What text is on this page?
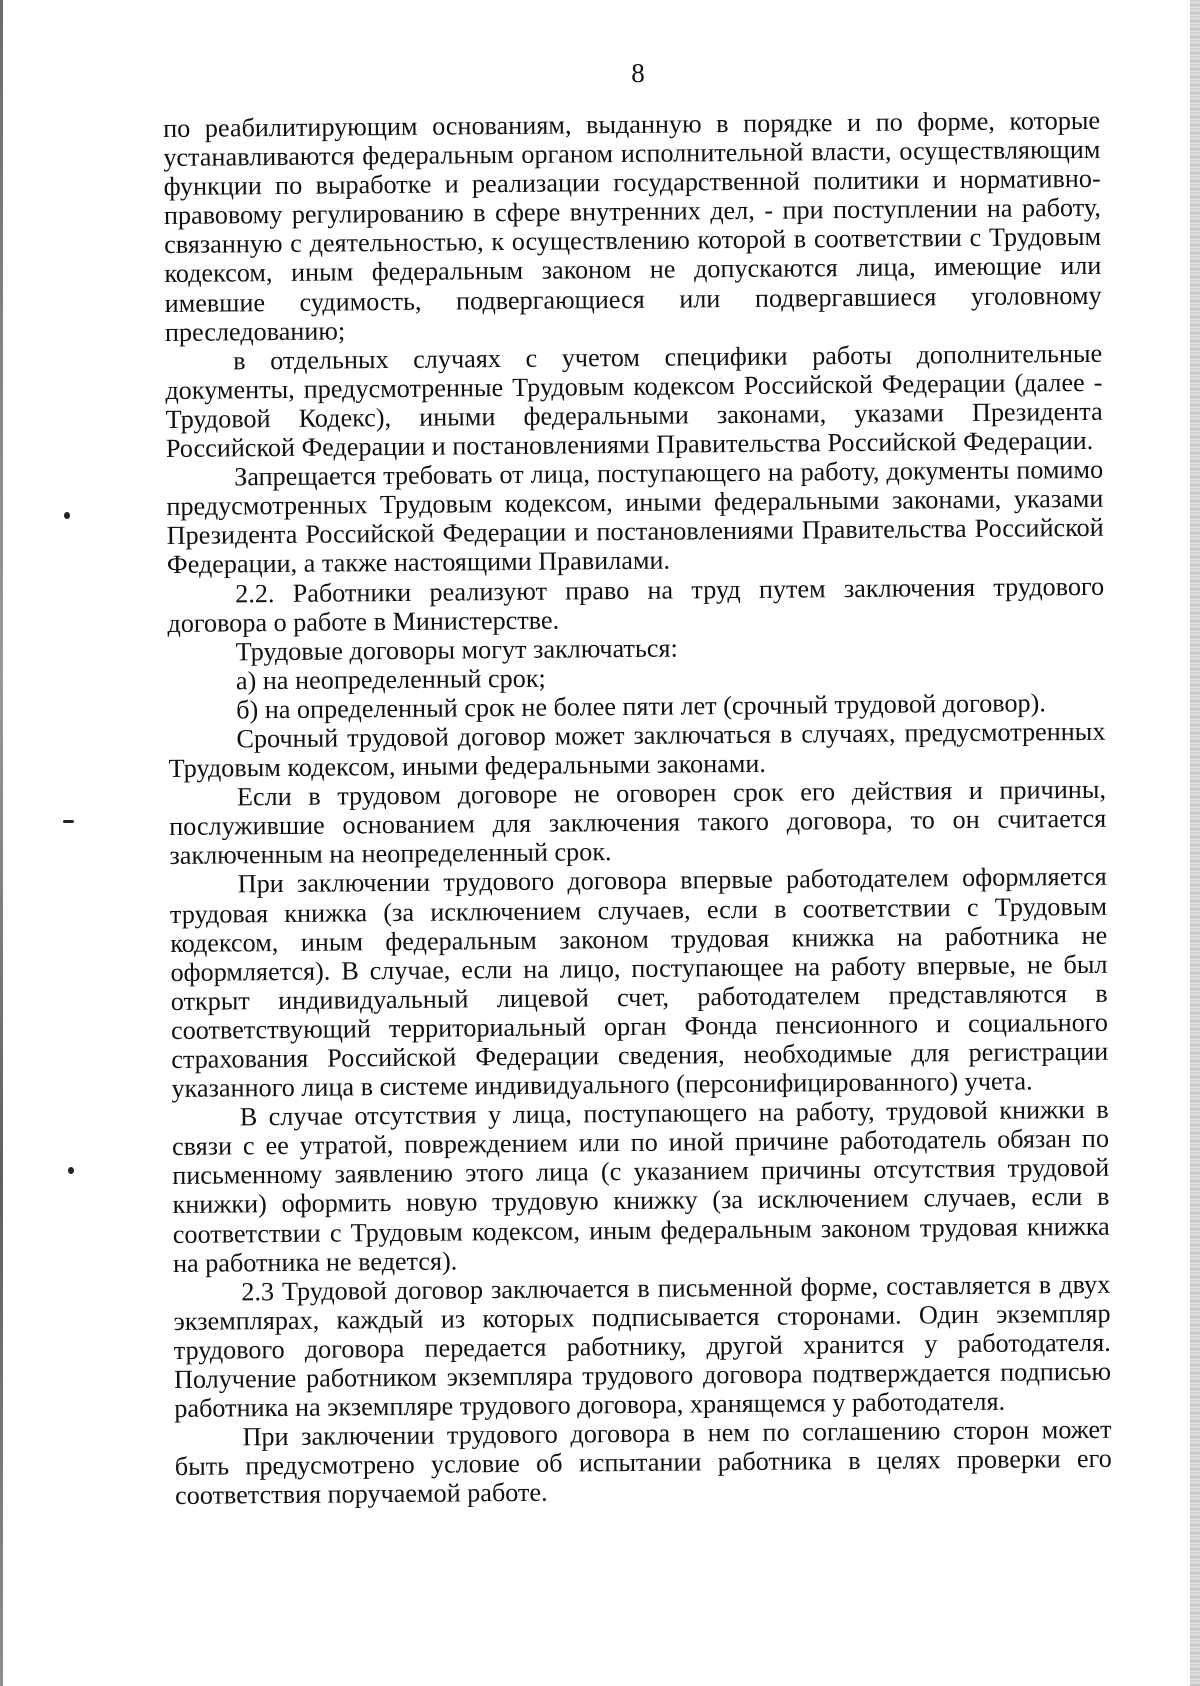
8

по реабилитирующим основаниям, выданную в порядке и по форме, которые устанавливаются федеральным органом исполнительной власти, осуществляющим функции по выработке и реализации государственной политики и нормативно-правовому регулированию в сфере внутренних дел, - при поступлении на работу, связанную с деятельностью, к осуществлению которой в соответствии с Трудовым кодексом, иным федеральным законом не допускаются лица, имеющие или имевшие судимость, подвергающиеся или подвергавшиеся уголовному преследованию;

в отдельных случаях с учетом специфики работы дополнительные документы, предусмотренные Трудовым кодексом Российской Федерации (далее - Трудовой Кодекс), иными федеральными законами, указами Президента Российской Федерации и постановлениями Правительства Российской Федерации.

Запрещается требовать от лица, поступающего на работу, документы помимо предусмотренных Трудовым кодексом, иными федеральными законами, указами Президента Российской Федерации и постановлениями Правительства Российской Федерации, а также настоящими Правилами.

2.2. Работники реализуют право на труд путем заключения трудового договора о работе в Министерстве.

Трудовые договоры могут заключаться:

а) на неопределенный срок;

б) на определенный срок не более пяти лет (срочный трудовой договор).

Срочный трудовой договор может заключаться в случаях, предусмотренных Трудовым кодексом, иными федеральными законами.

Если в трудовом договоре не оговорен срок его действия и причины, послужившие основанием для заключения такого договора, то он считается заключенным на неопределенный срок.

При заключении трудового договора впервые работодателем оформляется трудовая книжка (за исключением случаев, если в соответствии с Трудовым кодексом, иным федеральным законом трудовая книжка на работника не оформляется). В случае, если на лицо, поступающее на работу впервые, не был открыт индивидуальный лицевой счет, работодателем представляются в соответствующий территориальный орган Фонда пенсионного и социального страхования Российской Федерации сведения, необходимые для регистрации указанного лица в системе индивидуального (персонифицированного) учета.

В случае отсутствия у лица, поступающего на работу, трудовой книжки в связи с ее утратой, повреждением или по иной причине работодатель обязан по письменному заявлению этого лица (с указанием причины отсутствия трудовой книжки) оформить новую трудовую книжку (за исключением случаев, если в соответствии с Трудовым кодексом, иным федеральным законом трудовая книжка на работника не ведется).

2.3 Трудовой договор заключается в письменной форме, составляется в двух экземплярах, каждый из которых подписывается сторонами. Один экземпляр трудового договора передается работнику, другой хранится у работодателя. Получение работником экземпляра трудового договора подтверждается подписью работника на экземпляре трудового договора, хранящемся у работодателя.

При заключении трудового договора в нем по соглашению сторон может быть предусмотрено условие об испытании работника в целях проверки его соответствия поручаемой работе.
